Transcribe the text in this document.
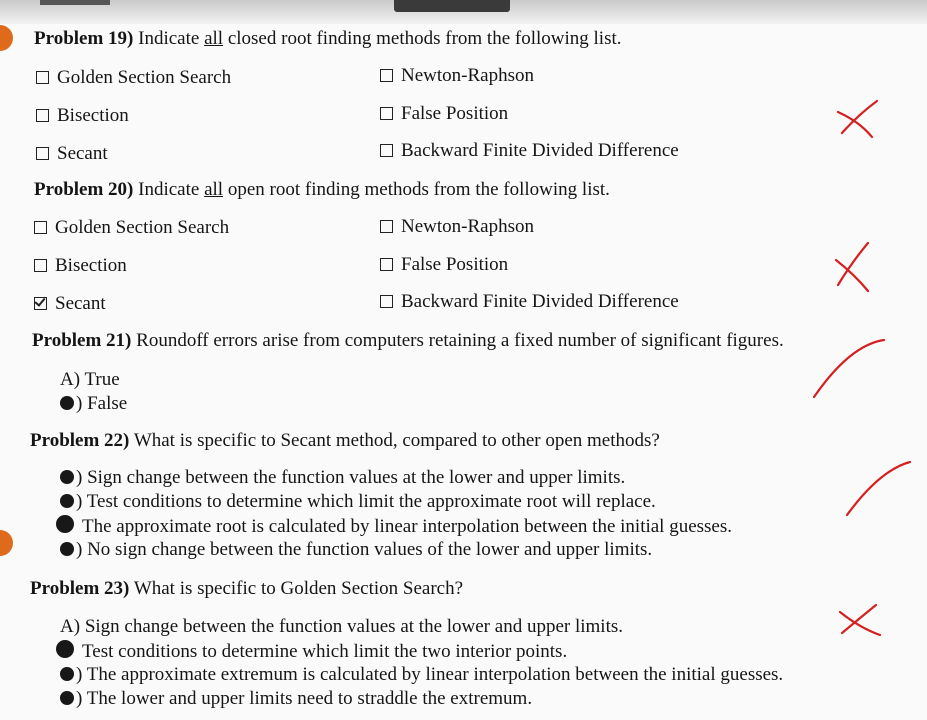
Problem 19) Indicate all closed root finding methods from the following list.
Golden Section Search	Newton-Raphson
Bisection	False Position
Secant	Backward Finite Divided Difference
Problem 20) Indicate all open root finding methods from the following list.
Golden Section Search	Newton-Raphson
Bisection	False Position
Secant	Backward Finite Divided Difference
Problem 21) Roundoff errors arise from computers retaining a fixed number of significant figures.
A) True
) False
Problem 22) What is specific to Secant method, compared to other open methods?
) Sign change between the function values at the lower and upper limits.
) Test conditions to determine which limit the approximate root will replace.
The approximate root is calculated by linear interpolation between the initial guesses.
) No sign change between the function values of the lower and upper limits.
Problem 23) What is specific to Golden Section Search?
A) Sign change between the function values at the lower and upper limits.
Test conditions to determine which limit the two interior points.
) The approximate extremum is calculated by linear interpolation between the initial guesses.
) The lower and upper limits need to straddle the extremum.
